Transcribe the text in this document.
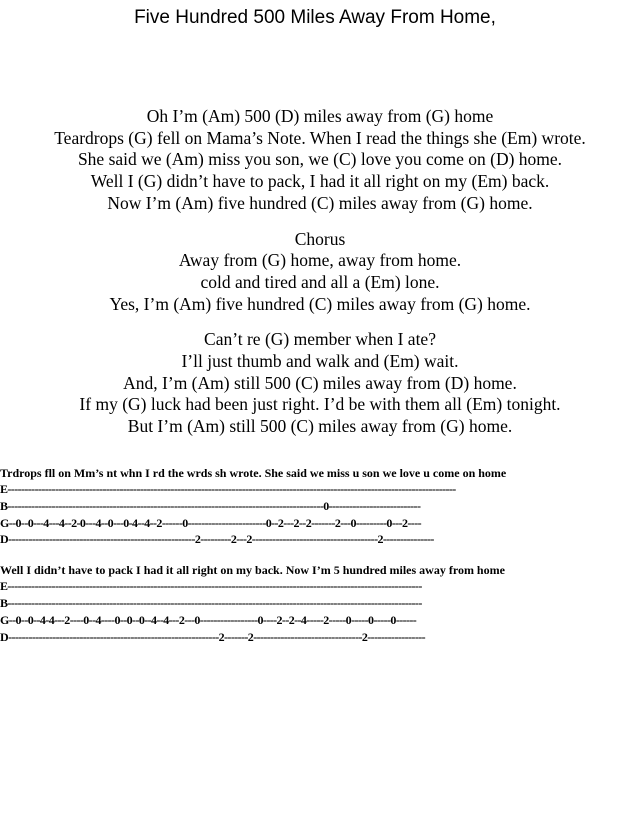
Five Hundred 500 Miles Away From Home,
Oh I’m (Am) 500 (D) miles away from (G) home
Teardrops (G) fell on Mama’s Note. When I read the things she (Em) wrote.
She said we (Am) miss you son, we (C) love you come on (D) home.
Well I (G) didn’t have to pack, I had it all right on my (Em) back.
Now I’m (Am) five hundred (C) miles away from (G) home.
Chorus
Away from (G) home, away from home.
cold and tired and all a (Em) lone.
Yes, I’m (Am) five hundred (C) miles away from (G) home.
Can’t re (G) member when I ate?
I’ll just thumb and walk and (Em) wait.
And, I’m (Am) still 500 (C) miles away from (D) home.
If my (G) luck had been just right. I’d be with them all (Em) tonight.
But I’m (Am) still 500 (C) miles away from (G) home.
Trdrops fll on Mm’s nt whn I rd the wrds sh wrote. She said we miss u son we love u come on home
E------------------------------------------------------------------------------------------------------------------------------------
B---------------------------------------------------------------------------------------------0---------------------------
G--0--0---4---4--2-0---4--0---0-4--4--2------0-----------------------0--2---2--2-------2---0---------0---2----
D-------------------------------------------------------2---------2---2-------------------------------------2---------------
Well I didn’t have to pack I had it all right on my back. Now I’m 5 hundred miles away from home
E--------------------------------------------------------------------------------------------------------------------------
B--------------------------------------------------------------------------------------------------------------------------
G--0--0--4-4---2----0--4----0--0--0--4--4---2---0-----------------0----2--2--4-----2-----0-----0-----0------
D--------------------------------------------------------------2-------2--------------------------------2-----------------
